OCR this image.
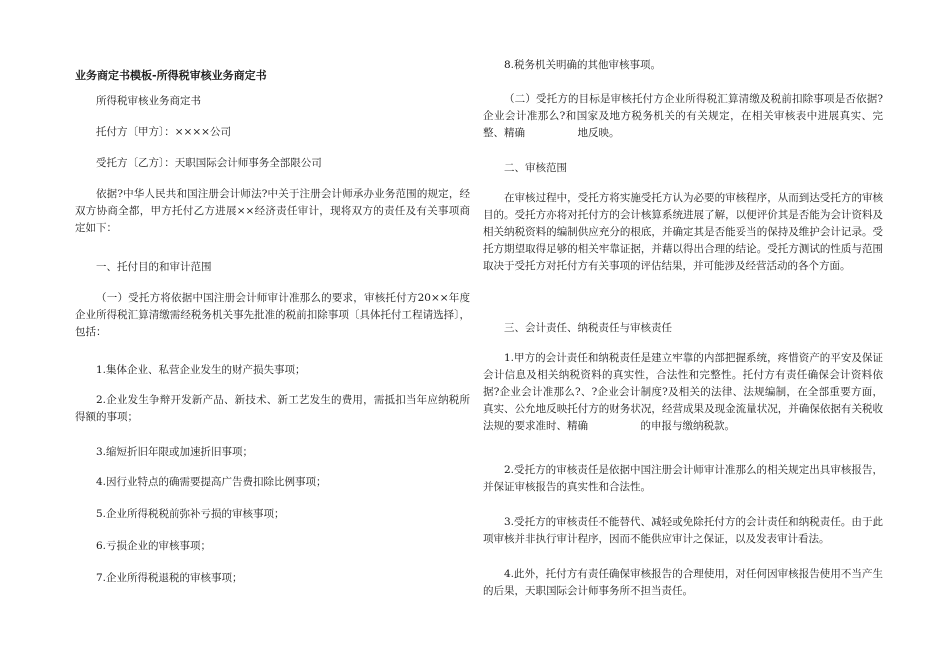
业务商定书模板-所得税审核业务商定书

所得税审核业务商定书

托付方〔甲方〕：××××公司

受托方〔乙方〕：天职国际会计师事务全部限公司

依据?中华人民共和国注册会计师法?中关于注册会计师承办业务范围的规定，经双方协商全都，甲方托付乙方进展××经济责任审计，现将双方的责任及有关事项商定如下：

一、托付目的和审计范围

（一）受托方将依据中国注册会计师审计准那么的要求，审核托付方20××年度企业所得税汇算清缴需经税务机关事先批准的税前扣除事项〔具体托付工程请选择〕，包括：

1.集体企业、私营企业发生的财产损失事项；

2.企业发生争辩开发新产品、新技术、新工艺发生的费用，需抵扣当年应纳税所得额的事项；

3.缩短折旧年限或加速折旧事项；

4.因行业特点的确需要提高广告费扣除比例事项；

5.企业所得税税前弥补亏损的审核事项；

6.亏损企业的审核事项；

7.企业所得税退税的审核事项；

8.税务机关明确的其他审核事项。

（二）受托方的目标是审核托付方企业所得税汇算清缴及税前扣除事项是否依据?企业会计准那么?和国家及地方税务机关的有关规定，在相关审核表中进展真实、完整、精确　　　　　地反映。

二、审核范围

在审核过程中，受托方将实施受托方认为必要的审核程序，从而到达受托方的审核目的。受托方亦将对托付方的会计核算系统进展了解，以便评价其是否能为会计资料及相关纳税资料的编制供应充分的根底，并确定其是否能妥当的保持及维护会计记录。受托方期望取得足够的相关牢靠证据，并藉以得出合理的结论。受托方测试的性质与范围取决于受托方对托付方有关事项的评估结果，并可能涉及经营活动的各个方面。

三、会计责任、纳税责任与审核责任

1.甲方的会计责任和纳税责任是建立牢靠的内部把握系统，疼惜资产的平安及保证会计信息及相关纳税资料的真实性，合法性和完整性。托付方有责任确保会计资料依据?企业会计准那么?、?企业会计制度?及相关的法律、法规编制，在全部重要方面，真实、公允地反映托付方的财务状况，经营成果及现金流量状况，并确保依据有关税收法规的要求准时、精确　　　　　的申报与缴纳税款。

2.受托方的审核责任是依据中国注册会计师审计准那么的相关规定出具审核报告，并保证审核报告的真实性和合法性。

3.受托方的审核责任不能替代、减轻或免除托付方的会计责任和纳税责任。由于此项审核并非执行审计程序，因而不能供应审计之保证，以及发表审计看法。

4.此外，托付方有责任确保审核报告的合理使用，对任何因审核报告使用不当产生的后果，天职国际会计师事务所不担当责任。
